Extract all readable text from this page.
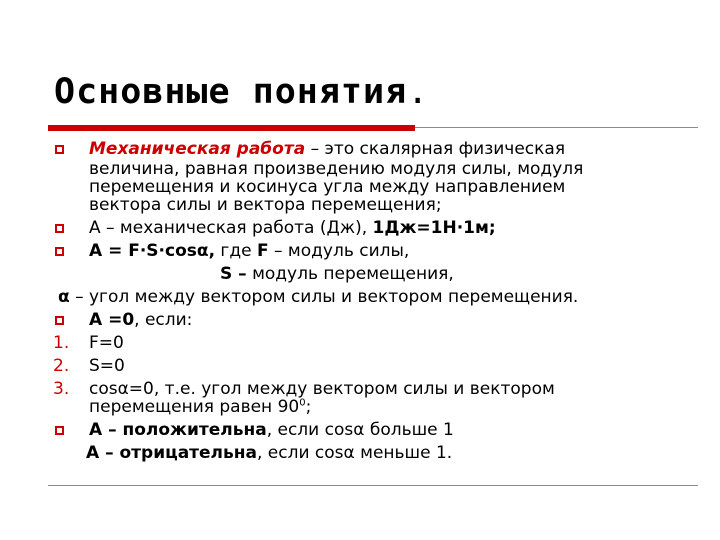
Основные понятия.
Механическая работа – это скалярная физическая
величина, равная произведению модуля силы, модуля
перемещения и косинуса угла между направлением
вектора силы и вектора перемещения;
А – механическая работа (Дж), 1Дж=1Н·1м;
А = F·S·cosα, где F – модуль силы,
S – модуль перемещения,
α – угол между вектором силы и вектором перемещения.
А =0, если:
1. F=0
2. S=0
3. cosα=0, т.е. угол между вектором силы и вектором
перемещения равен $90^0$;
А – положительна, если cosα больше 1
А – отрицательна, если cosα меньше 1.
